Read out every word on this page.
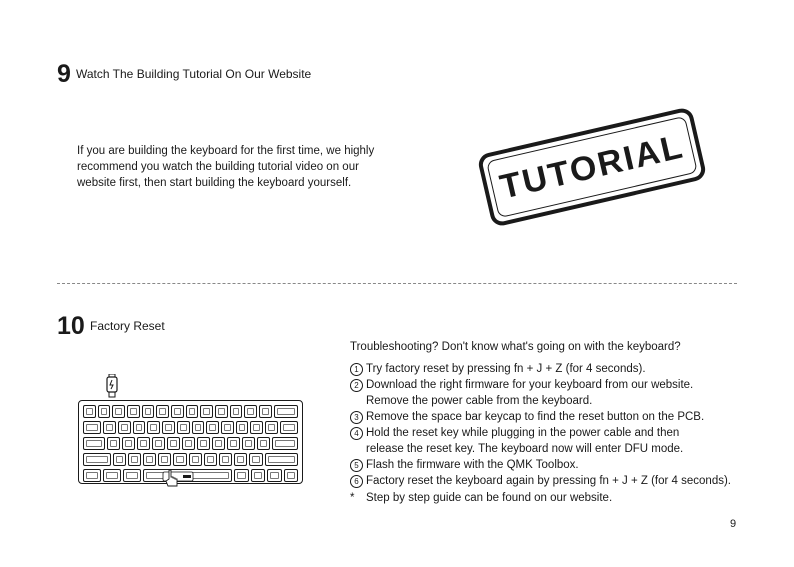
9 Watch The Building Tutorial On Our Website
If you are building the keyboard for the first time, we highly
recommend you watch the building tutorial video on our
website first, then start building the keyboard yourself.	TUTORIAL
10 Factory Reset
Troubleshooting? Don't know what's going on with the keyboard?
1 Try factory reset by pressing fn + J + Z (for 4 seconds).
2 Download the right firmware for your keyboard from our website.
Remove the power cable from the keyboard.
3 Remove the space bar keycap to find the reset button on the PCB.
4 Hold the reset key while plugging in the power cable and then
release the reset key. The keyboard now will enter DFU mode.
5 Flash the firmware with the QMK Toolbox.
6 Factory reset the keyboard again by pressing fn + J + Z (for 4 seconds).
*	Step by step guide can be found on our website.
9
